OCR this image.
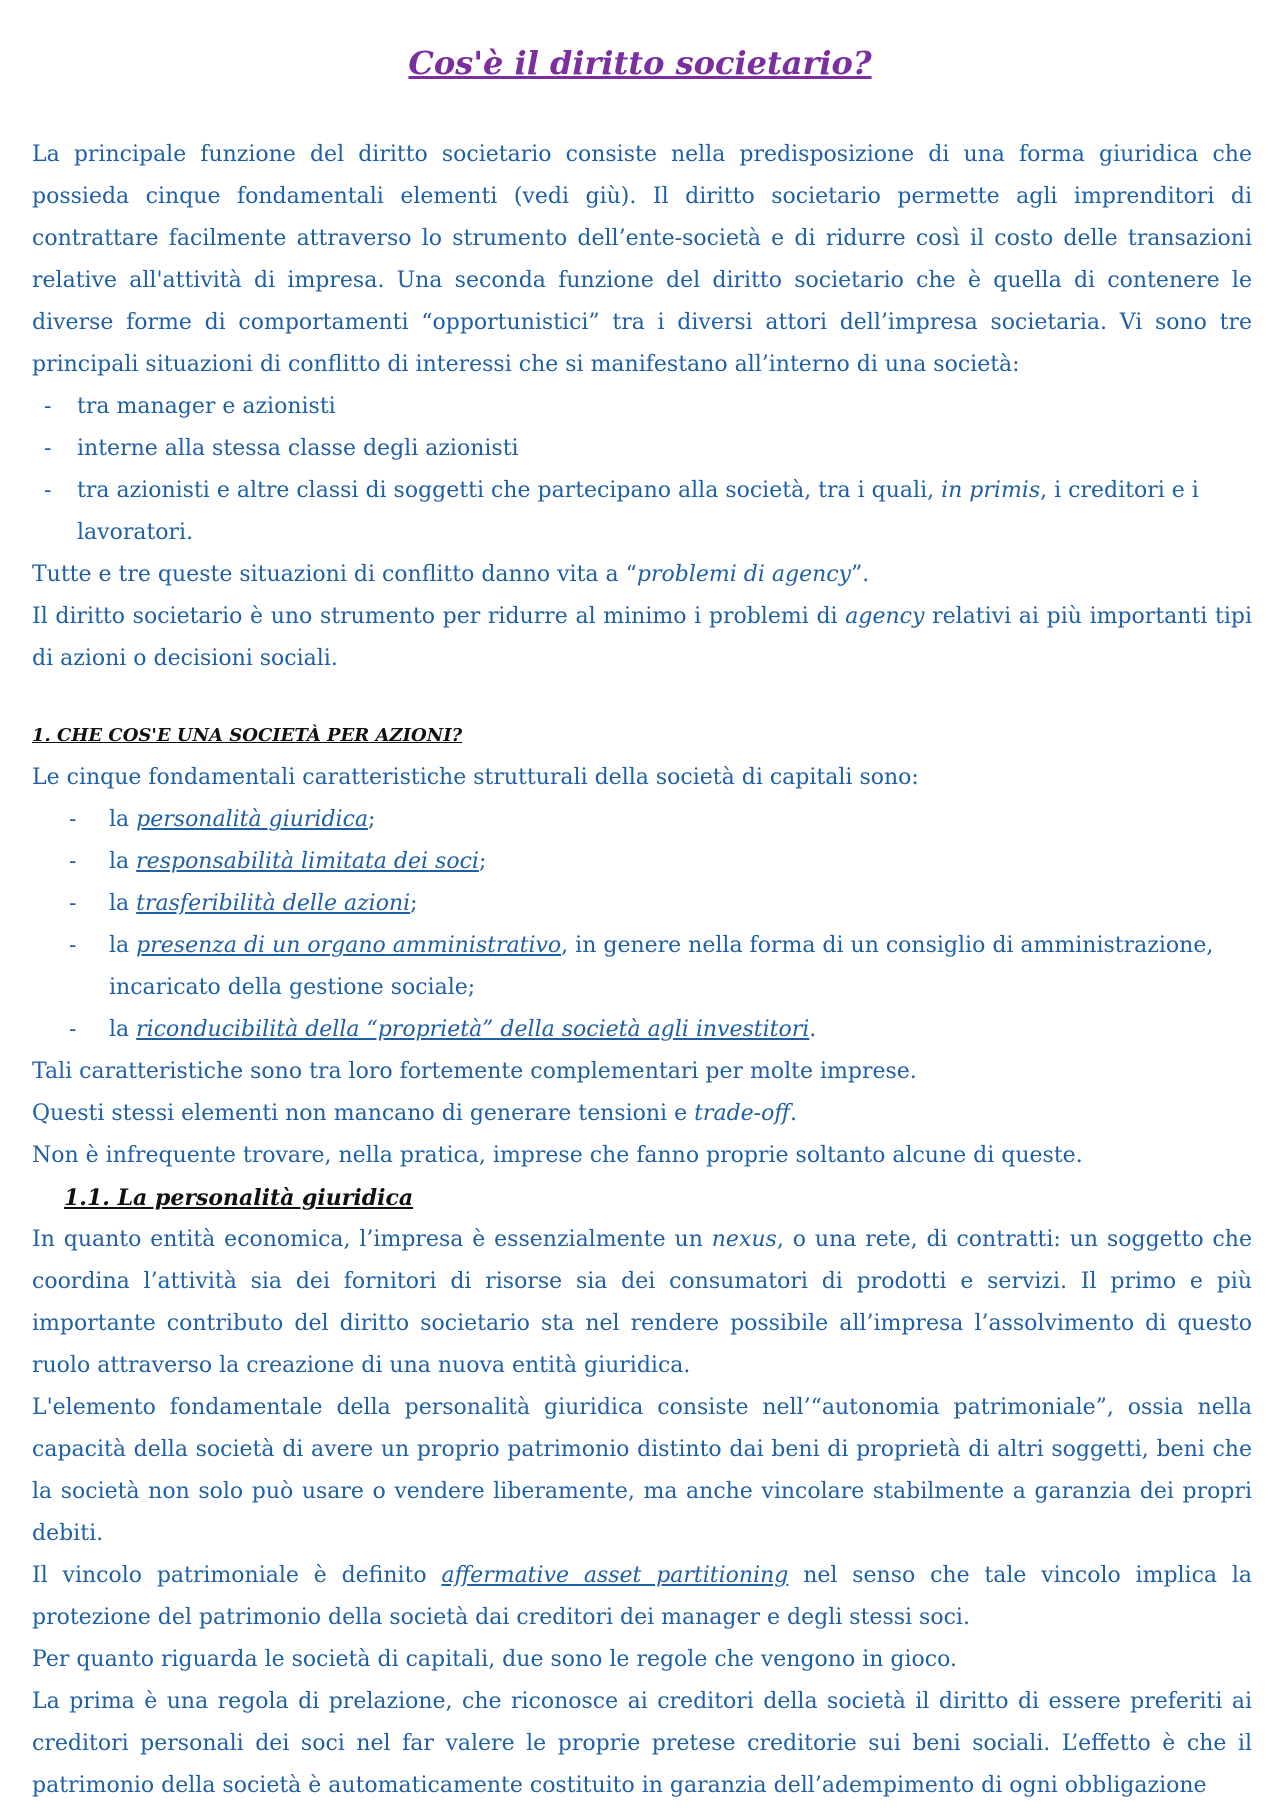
Cos'è il diritto societario?

La principale funzione del diritto societario consiste nella predisposizione di una forma giuridica che possieda cinque fondamentali elementi (vedi giù). Il diritto societario permette agli imprenditori di contrattare facilmente attraverso lo strumento dell’ente-società e di ridurre così il costo delle transazioni relative all'attività di impresa. Una seconda funzione del diritto societario che è quella di contenere le diverse forme di comportamenti “opportunistici” tra i diversi attori dell’impresa societaria. Vi sono tre principali situazioni di conflitto di interessi che si manifestano all’interno di una società:

-	tra manager e azionisti
-	interne alla stessa classe degli azionisti
-	tra azionisti e altre classi di soggetti che partecipano alla società, tra i quali, in primis, i creditori e i lavoratori.

Tutte e tre queste situazioni di conflitto danno vita a “problemi di agency”.

Il diritto societario è uno strumento per ridurre al minimo i problemi di agency relativi ai più importanti tipi di azioni o decisioni sociali.

1. CHE COS'E UNA SOCIETÀ PER AZIONI?

Le cinque fondamentali caratteristiche strutturali della società di capitali sono:

-	la personalità giuridica;
-	la responsabilità limitata dei soci;
-	la trasferibilità delle azioni;
-	la presenza di un organo amministrativo, in genere nella forma di un consiglio di amministrazione, incaricato della gestione sociale;
-	la riconducibilità della “proprietà” della società agli investitori.

Tali caratteristiche sono tra loro fortemente complementari per molte imprese.

Questi stessi elementi non mancano di generare tensioni e trade-off.

Non è infrequente trovare, nella pratica, imprese che fanno proprie soltanto alcune di queste.

1.1. La personalità giuridica

In quanto entità economica, l’impresa è essenzialmente un nexus, o una rete, di contratti: un soggetto che coordina l’attività sia dei fornitori di risorse sia dei consumatori di prodotti e servizi. Il primo e più importante contributo del diritto societario sta nel rendere possibile all’impresa l’assolvimento di questo ruolo attraverso la creazione di una nuova entità giuridica.

L'elemento fondamentale della personalità giuridica consiste nell’“autonomia patrimoniale”, ossia nella capacità della società di avere un proprio patrimonio distinto dai beni di proprietà di altri soggetti, beni che la società non solo può usare o vendere liberamente, ma anche vincolare stabilmente a garanzia dei propri debiti.

Il vincolo patrimoniale è definito affermative asset partitioning nel senso che tale vincolo implica la protezione del patrimonio della società dai creditori dei manager e degli stessi soci.

Per quanto riguarda le società di capitali, due sono le regole che vengono in gioco.

La prima è una regola di prelazione, che riconosce ai creditori della società il diritto di essere preferiti ai creditori personali dei soci nel far valere le proprie pretese creditorie sui beni sociali. L’effetto è che il patrimonio della società è automaticamente costituito in garanzia dell’adempimento di ogni obbligazione
